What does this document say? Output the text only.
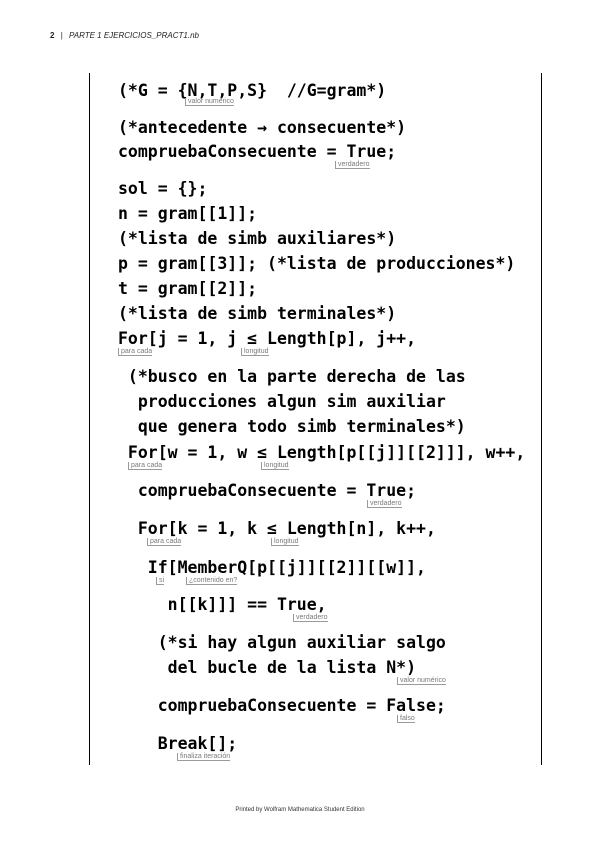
2 | PARTE 1 EJERCICIOS_PRACT1.nb
(*G = {N,T,P,S}  //G=gram*)
valor numérico
(*antecedente → consecuente*)
compruebaConsecuente = True;
verdadero
sol = {};
n = gram[[1]];
(*lista de simb auxiliares*)
p = gram[[3]]; (*lista de producciones*)
t = gram[[2]];
(*lista de simb terminales*)
For[j = 1, j ≤ Length[p], j++,
para cada	longitud
(*busco en la parte derecha de las
producciones algun sim auxiliar
que genera todo simb terminales*)
For[w = 1, w ≤ Length[p[[j]][[2]]], w++,
para cada	longitud
compruebaConsecuente = True;
verdadero
For[k = 1, k ≤ Length[n], k++,
para cada	longitud
If[MemberQ[p[[j]][[2]][[w]],
si	¿contenido en?
n[[k]]] == True,
verdadero
(*si hay algun auxiliar salgo
del bucle de la lista N*)
valor numérico
compruebaConsecuente = False;
falso
Break[];
finaliza iteración
Printed by Wolfram Mathematica Student Edition
